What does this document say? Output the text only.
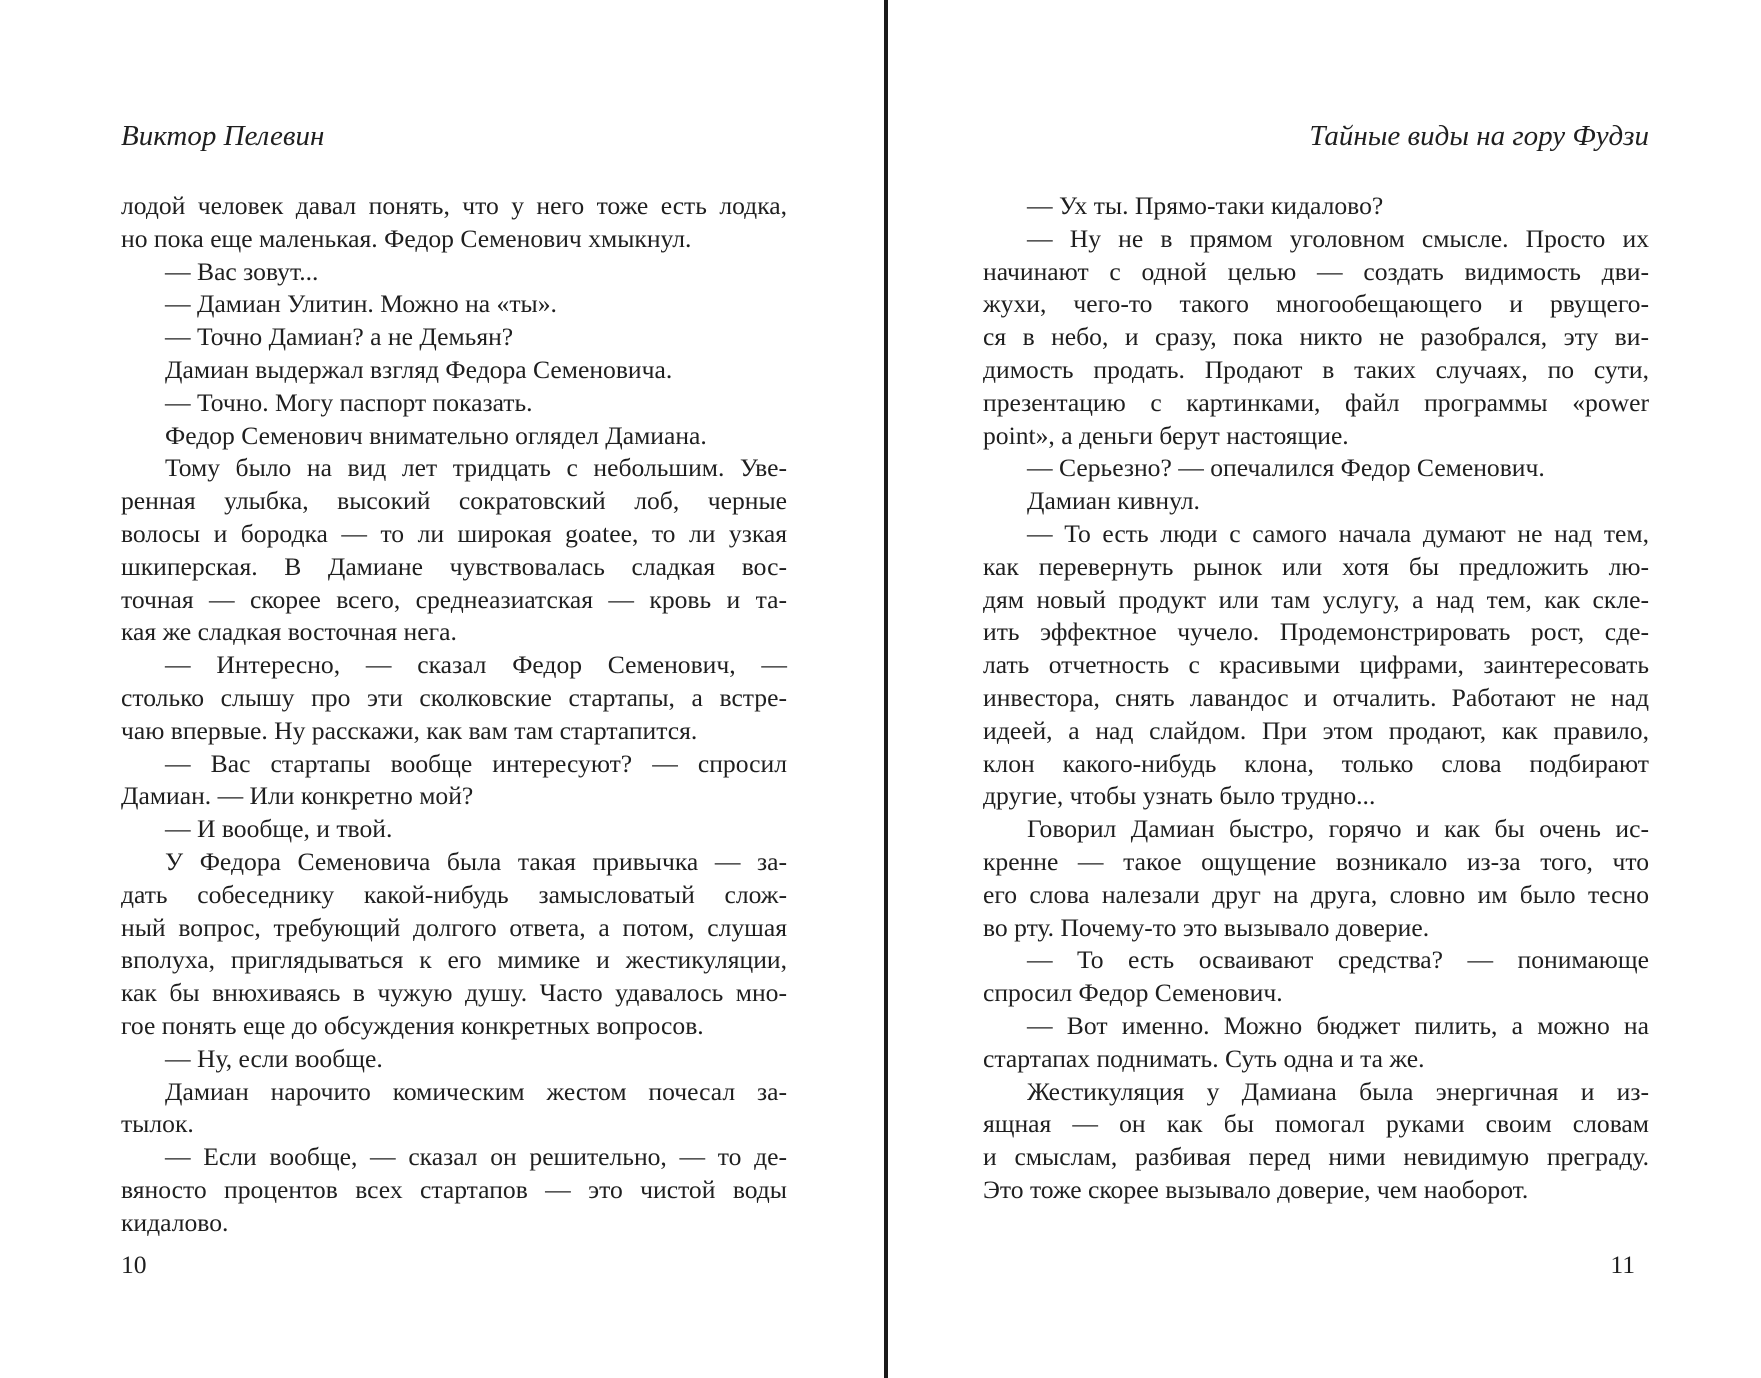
Виктор Пелевин
лодой человек давал понять, что у него тоже есть лодка,
но пока еще маленькая. Федор Семенович хмыкнул.
— Вас зовут...
— Дамиан Улитин. Можно на «ты».
— Точно Дамиан? а не Демьян?
Дамиан выдержал взгляд Федора Семеновича.
— Точно. Могу паспорт показать.
Федор Семенович внимательно оглядел Дамиана.
Тому было на вид лет тридцать с небольшим. Уве-
ренная улыбка, высокий сократовский лоб, черные
волосы и бородка — то ли широкая goatee, то ли узкая
шкиперская. В Дамиане чувствовалась сладкая вос-
точная — скорее всего, среднеазиатская — кровь и та-
кая же сладкая восточная нега.
— Интересно, — сказал Федор Семенович, —
столько слышу про эти сколковские стартапы, а встре-
чаю впервые. Ну расскажи, как вам там стартапится.
— Вас стартапы вообще интересуют? — спросил
Дамиан. — Или конкретно мой?
— И вообще, и твой.
У Федора Семеновича была такая привычка — за-
дать собеседнику какой-нибудь замысловатый слож-
ный вопрос, требующий долгого ответа, а потом, слушая
вполуха, приглядываться к его мимике и жестикуляции,
как бы внюхиваясь в чужую душу. Часто удавалось мно-
гое понять еще до обсуждения конкретных вопросов.
— Ну, если вообще.
Дамиан нарочито комическим жестом почесал за-
тылок.
— Если вообще, — сказал он решительно, — то де-
вяносто процентов всех стартапов — это чистой воды
кидалово.
10
Тайные виды на гору Фудзи
— Ух ты. Прямо-таки кидалово?
— Ну не в прямом уголовном смысле. Просто их
начинают с одной целью — создать видимость дви-
жухи, чего-то такого многообещающего и рвущего-
ся в небо, и сразу, пока никто не разобрался, эту ви-
димость продать. Продают в таких случаях, по сути,
презентацию с картинками, файл программы «power
point», а деньги берут настоящие.
— Серьезно? — опечалился Федор Семенович.
Дамиан кивнул.
— То есть люди с самого начала думают не над тем,
как перевернуть рынок или хотя бы предложить лю-
дям новый продукт или там услугу, а над тем, как скле-
ить эффектное чучело. Продемонстрировать рост, сде-
лать отчетность с красивыми цифрами, заинтересовать
инвестора, снять лавандос и отчалить. Работают не над
идеей, а над слайдом. При этом продают, как правило,
клон какого-нибудь клона, только слова подбирают
другие, чтобы узнать было трудно...
Говорил Дамиан быстро, горячо и как бы очень ис-
кренне — такое ощущение возникало из-за того, что
его слова налезали друг на друга, словно им было тесно
во рту. Почему-то это вызывало доверие.
— То есть осваивают средства? — понимающе
спросил Федор Семенович.
— Вот именно. Можно бюджет пилить, а можно на
стартапах поднимать. Суть одна и та же.
Жестикуляция у Дамиана была энергичная и из-
ящная — он как бы помогал руками своим словам
и смыслам, разбивая перед ними невидимую преграду.
Это тоже скорее вызывало доверие, чем наоборот.
11
